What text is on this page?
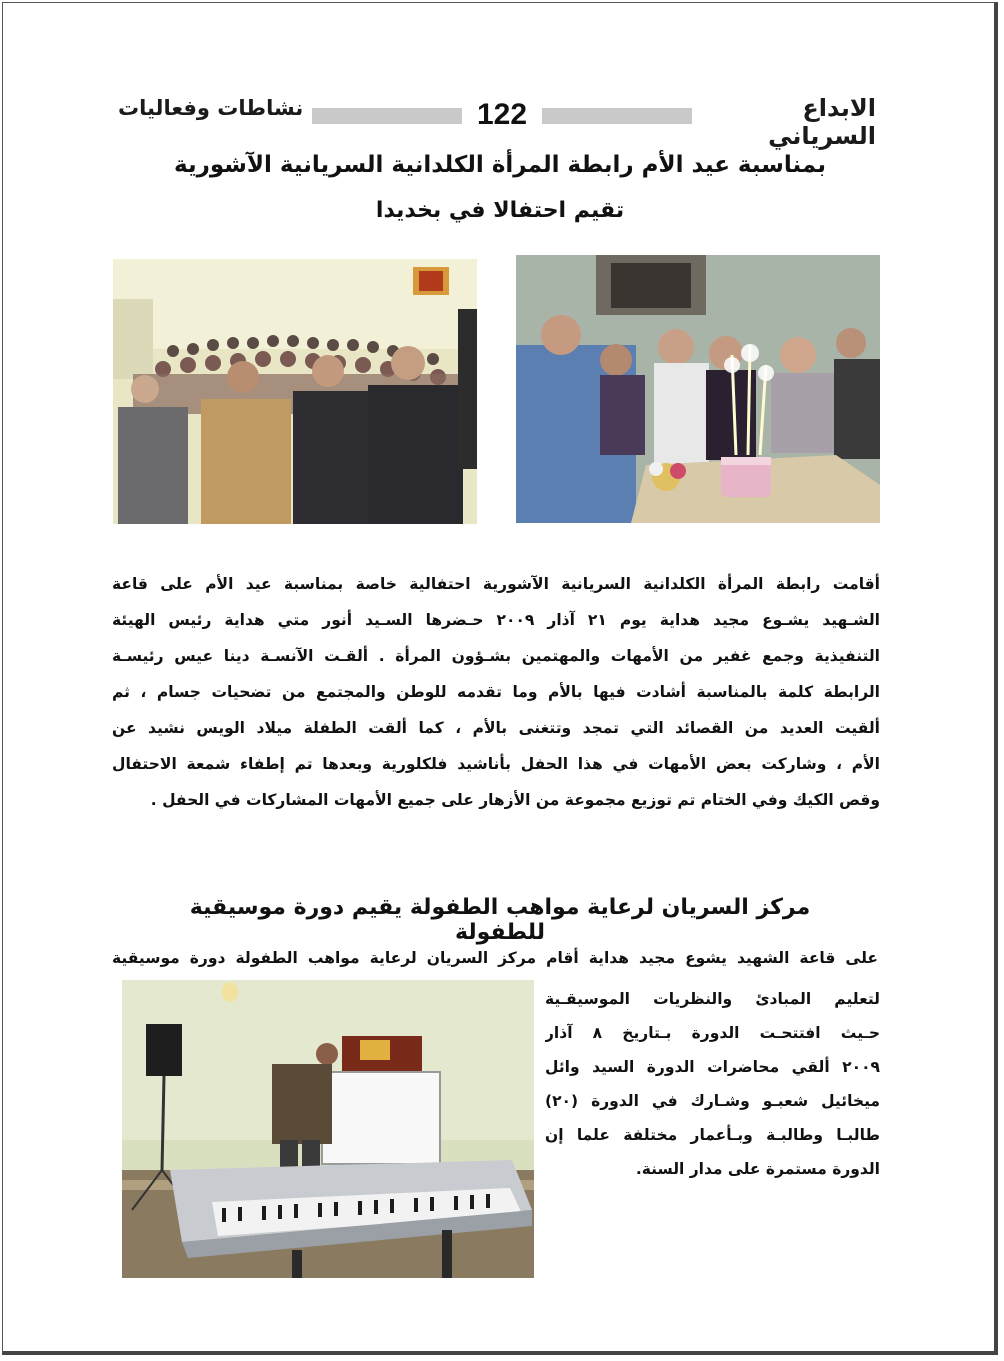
نشاطات وفعاليات	122	الابداع السرياني
بمناسبة عيد الأم رابطة المرأة الكلدانية السريانية الآشورية
تقيم احتفالا في بخديدا
أقامت رابطة المرأة الكلدانية السريانية الآشورية احتفالية خاصة بمناسبة عيد الأم على قاعة
الشـهيد يشـوع مجيد هداية يوم ٢١ آذار ٢٠٠٩ حـضرها السـيد أنور متي هداية رئيس الهيئة
التنفيذية وجمع غفير من الأمهات والمهتمين بشـؤون المرأة . ألقـت الآنسـة دينا عيس رئيسـة
الرابطة كلمة بالمناسبة أشادت فيها بالأم وما تقدمه للوطن والمجتمع من تضحيات جسام ، ثم
ألقيت العديد من القصائد التي تمجد وتتغنى بالأم ، كما ألقت الطفلة ميلاد الويس نشيد عن
الأم ، وشاركت بعض الأمهات في هذا الحفل بأناشيد فلكلورية وبعدها تم إطفاء شمعة الاحتفال
وقص الكيك وفي الختام تم توزيع مجموعة من الأزهار على جميع الأمهات المشاركات في الحفل .
مركز السريان لرعاية مواهب الطفولة يقيم دورة موسيقية للطفولة
على قاعة الشهيد يشوع مجيد هداية أقام مركز السريان لرعاية مواهب الطفولة دورة موسيقية
لتعليم المبادئ والنظريات الموسيقـية
حـيث افتتحـت الدورة بـتاريخ ٨ آذار
٢٠٠٩ ألقي محاضرات الدورة السيد وائل
ميخائيل شعبـو وشـارك في الدورة (٢٠)
طالبـا وطالبـة وبـأعمار مختلفة علما إن
الدورة مستمرة على مدار السنة.
